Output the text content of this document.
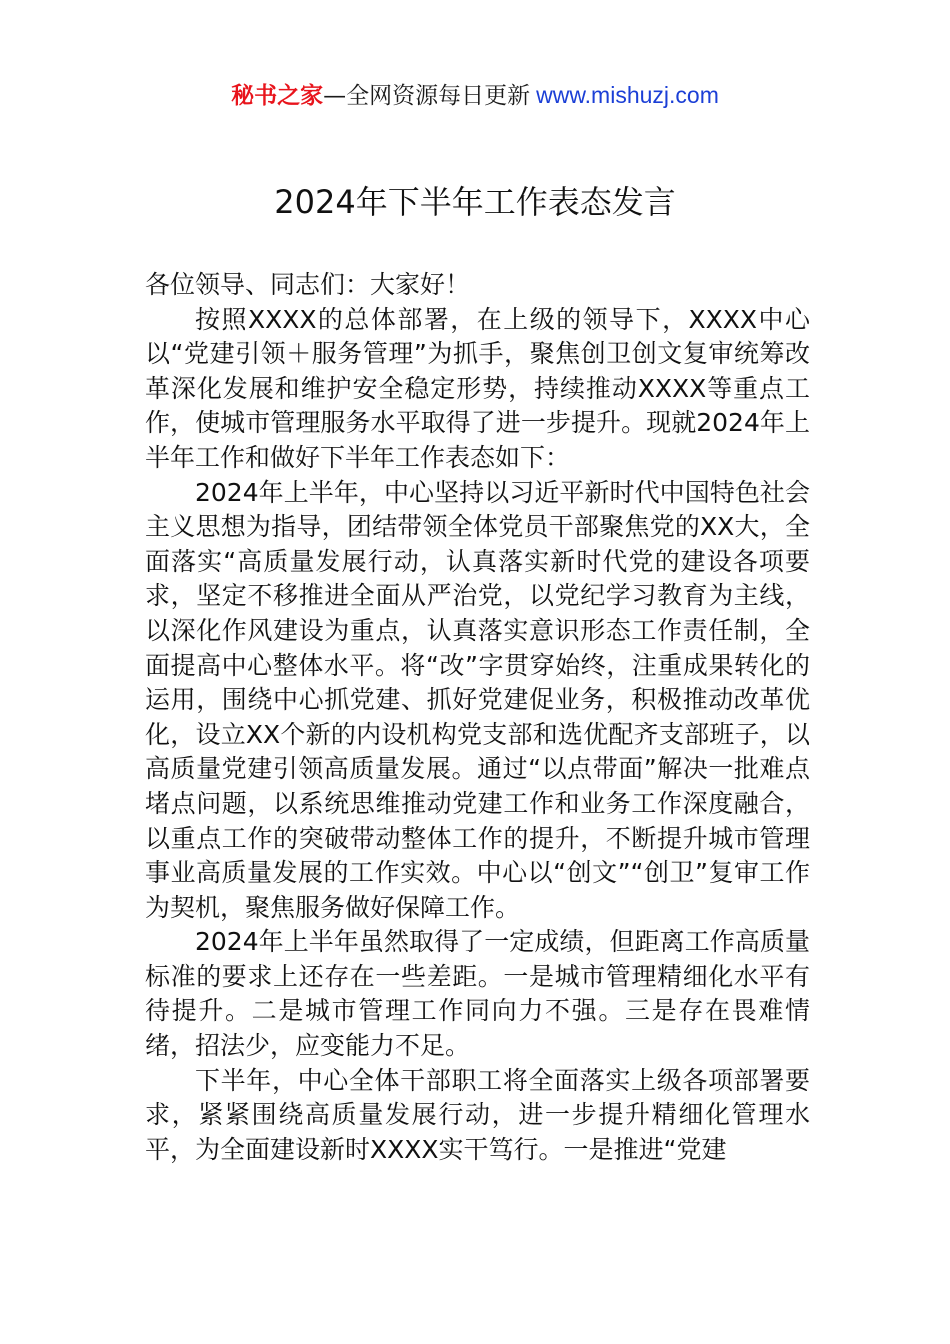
秘书之家—全网资源每日更新 www.mishuzj.com
2024年下半年工作表态发言

各位领导、同志们：大家好！

按照XXXX的总体部署，在上级的领导下，XXXX中心以“党建引领＋服务管理”为抓手，聚焦创卫创文复审统筹改革深化发展和维护安全稳定形势，持续推动XXXX等重点工作，使城市管理服务水平取得了进一步提升。现就2024年上半年工作和做好下半年工作表态如下：

2024年上半年，中心坚持以习近平新时代中国特色社会主义思想为指导，团结带领全体党员干部聚焦党的XX大，全面落实“高质量发展行动，认真落实新时代党的建设各项要求，坚定不移推进全面从严治党，以党纪学习教育为主线，以深化作风建设为重点，认真落实意识形态工作责任制，全面提高中心整体水平。将“改”字贯穿始终，注重成果转化的运用，围绕中心抓党建、抓好党建促业务，积极推动改革优化，设立XX个新的内设机构党支部和选优配齐支部班子，以高质量党建引领高质量发展。通过“以点带面”解决一批难点堵点问题，以系统思维推动党建工作和业务工作深度融合，以重点工作的突破带动整体工作的提升，不断提升城市管理事业高质量发展的工作实效。中心以“创文”“创卫”复审工作为契机，聚焦服务做好保障工作。

2024年上半年虽然取得了一定成绩，但距离工作高质量标准的要求上还存在一些差距。一是城市管理精细化水平有待提升。二是城市管理工作同向力不强。三是存在畏难情绪，招法少，应变能力不足。

下半年，中心全体干部职工将全面落实上级各项部署要求，紧紧围绕高质量发展行动，进一步提升精细化管理水平，为全面建设新时XXXX实干笃行。一是推进“党建
